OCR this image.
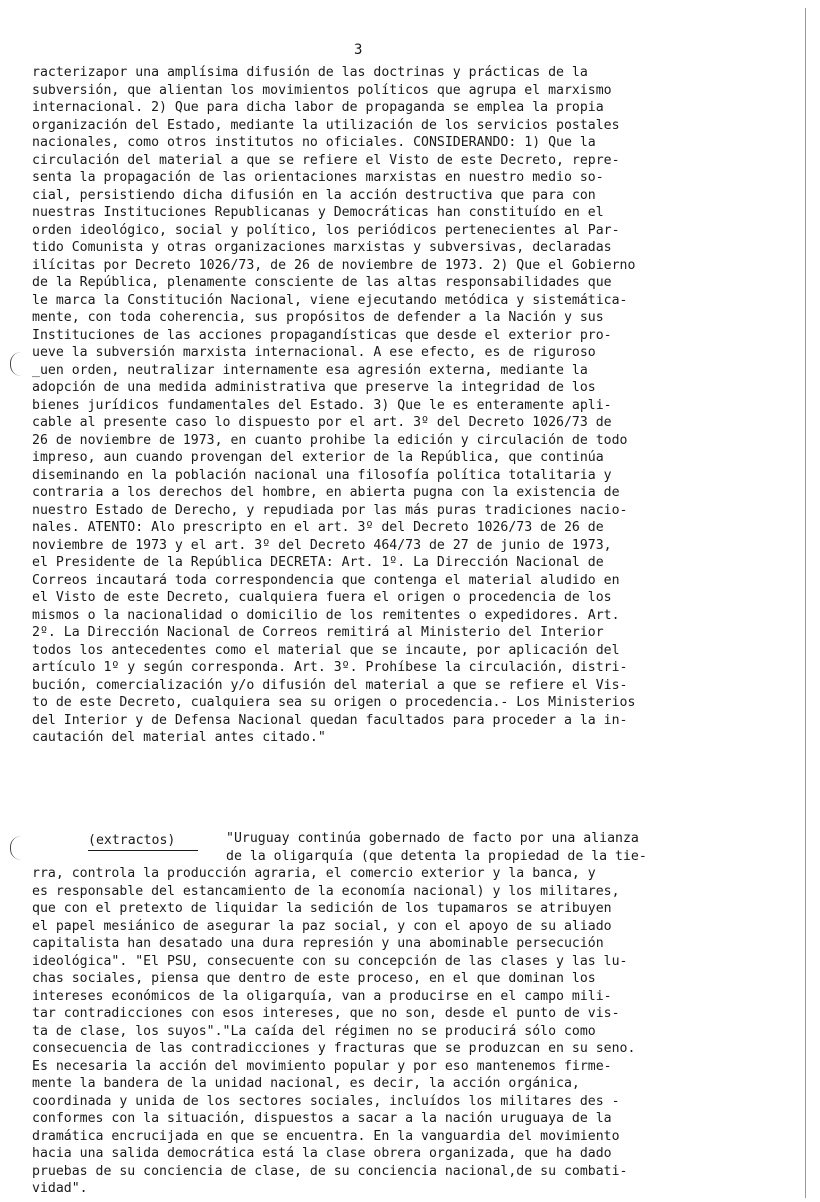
3
racterizapor una amplísima difusión de las doctrinas y prácticas de la
subversión, que alientan los movimientos políticos que agrupa el marxismo
internacional. 2) Que para dicha labor de propaganda se emplea la propia
organización del Estado, mediante la utilización de los servicios postales
nacionales, como otros institutos no oficiales. CONSIDERANDO: 1) Que la
circulación del material a que se refiere el Visto de este Decreto, repre-
senta la propagación de las orientaciones marxistas en nuestro medio so-
cial, persistiendo dicha difusión en la acción destructiva que para con
nuestras Instituciones Republicanas y Democráticas han constituído en el
orden ideológico, social y político, los periódicos pertenecientes al Par-
tido Comunista y otras organizaciones marxistas y subversivas, declaradas
ilícitas por Decreto 1026/73, de 26 de noviembre de 1973. 2) Que el Gobierno
de la República, plenamente consciente de las altas responsabilidades que
le marca la Constitución Nacional, viene ejecutando metódica y sistemática-
mente, con toda coherencia, sus propósitos de defender a la Nación y sus
Instituciones de las acciones propagandísticas que desde el exterior pro-
ueve la subversión marxista internacional. A ese efecto, es de riguroso
_uen orden, neutralizar internamente esa agresión externa, mediante la
adopción de una medida administrativa que preserve la integridad de los
bienes jurídicos fundamentales del Estado. 3) Que le es enteramente apli-
cable al presente caso lo dispuesto por el art. 3º del Decreto 1026/73 de
26 de noviembre de 1973, en cuanto prohibe la edición y circulación de todo
impreso, aun cuando provengan del exterior de la República, que continúa
diseminando en la población nacional una filosofía política totalitaria y
contraria a los derechos del hombre, en abierta pugna con la existencia de
nuestro Estado de Derecho, y repudiada por las más puras tradiciones nacio-
nales. ATENTO: Alo prescripto en el art. 3º del Decreto 1026/73 de 26 de
noviembre de 1973 y el art. 3º del Decreto 464/73 de 27 de junio de 1973,
el Presidente de la República DECRETA: Art. 1º. La Dirección Nacional de
Correos incautará toda correspondencia que contenga el material aludido en
el Visto de este Decreto, cualquiera fuera el origen o procedencia de los
mismos o la nacionalidad o domicilio de los remitentes o expedidores. Art.
2º. La Dirección Nacional de Correos remitirá al Ministerio del Interior
todos los antecedentes como el material que se incaute, por aplicación del
artículo 1º y según corresponda. Art. 3º. Prohíbese la circulación, distri-
bución, comercialización y/o difusión del material a que se refiere el Vis-
to de este Decreto, cualquiera sea su origen o procedencia.- Los Ministerios
del Interior y de Defensa Nacional quedan facultados para proceder a la in-
cautación del material antes citado."

(extractos)	"Uruguay continúa gobernado de facto por una alianza
de la oligarquía (que detenta la propiedad de la tie-
rra, controla la producción agraria, el comercio exterior y la banca, y
es responsable del estancamiento de la economía nacional) y los militares,
que con el pretexto de liquidar la sedición de los tupamaros se atribuyen
el papel mesiánico de asegurar la paz social, y con el apoyo de su aliado
capitalista han desatado una dura represión y una abominable persecución
ideológica". "El PSU, consecuente con su concepción de las clases y las lu-
chas sociales, piensa que dentro de este proceso, en el que dominan los
intereses económicos de la oligarquía, van a producirse en el campo mili-
tar contradicciones con esos intereses, que no son, desde el punto de vis-
ta de clase, los suyos"."La caída del régimen no se producirá sólo como
consecuencia de las contradicciones y fracturas que se produzcan en su seno.
Es necesaria la acción del movimiento popular y por eso mantenemos firme-
mente la bandera de la unidad nacional, es decir, la acción orgánica,
coordinada y unida de los sectores sociales, incluídos los militares des -
conformes con la situación, dispuestos a sacar a la nación uruguaya de la
dramática encrucijada en que se encuentra. En la vanguardia del movimiento
hacia una salida democrática está la clase obrera organizada, que ha dado
pruebas de su conciencia de clase, de su conciencia nacional,de su combati-
vidad".
